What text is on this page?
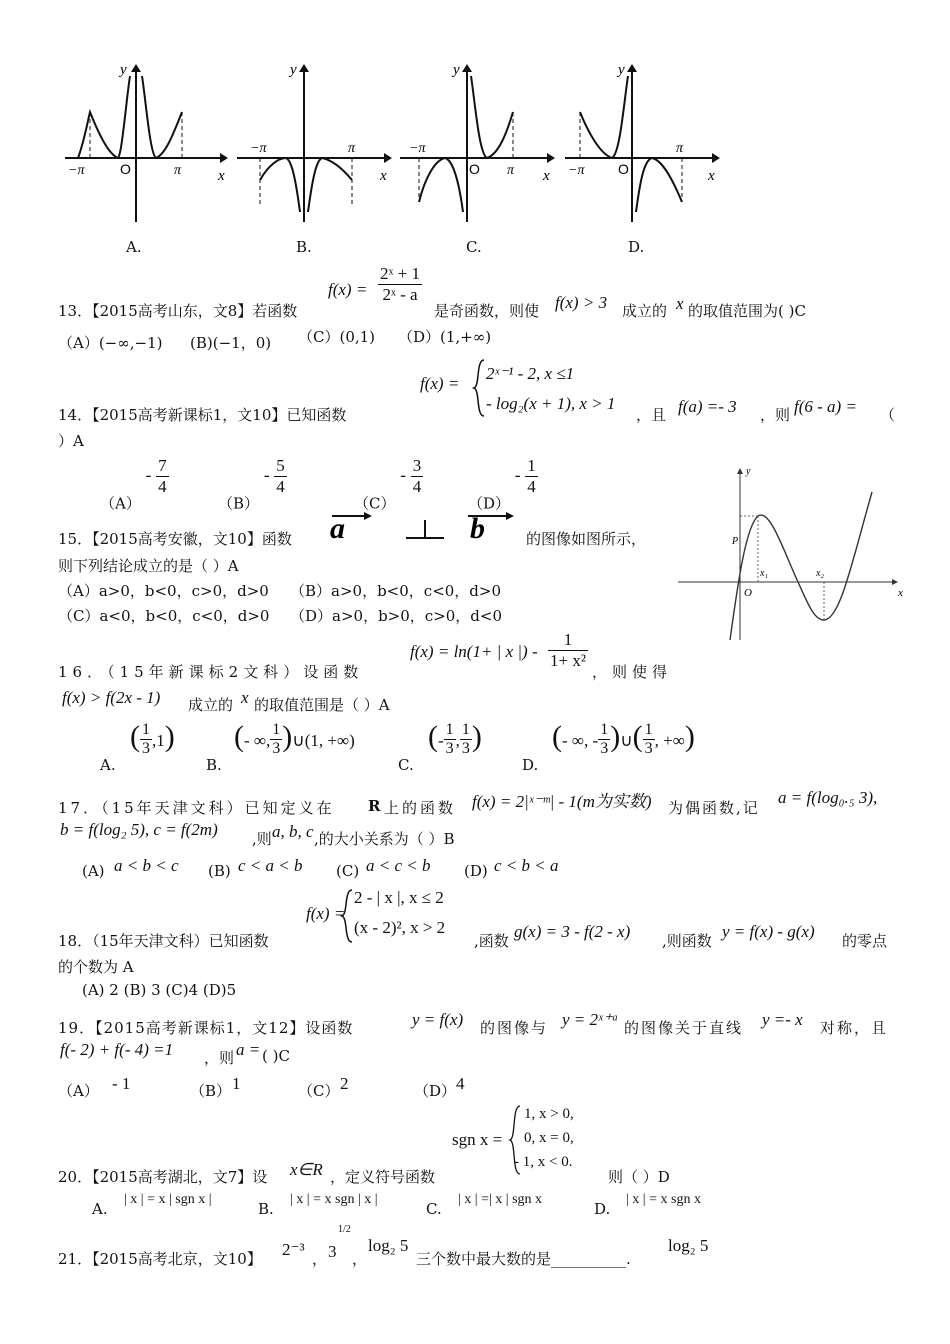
y
−π	O	π x
y
−π	π
x
y
−π
O π x
y
−π O
π
x
A.	B.	C.	D.
13．【2015高考山东，文8】若函数
$f(x) = \frac{\text{2ˣ + 1}}{\text{2ˣ - a}}$
是奇函数，则使 f(x) > 3 成立的 x 的取值范围为( )C
（A）(−∞,−1) (B)(−1，0) （C）(0,1) （D）(1,+∞)
f(x) =
2ˣ⁻¹ - 2, x ≤1
- log₂(x + 1), x > 1
14．【2015高考新课标1，文10】已知函数	，且 f(a) =- 3 ，则 f(6 - a) = （
）A
$(A) - \frac{7}{4}$
$(B) - \frac{5}{4}$
$(C) - \frac{3}{4}$
$(D) - \frac{1}{4}$
15．【2015高考安徽，文10】函数 a	b	的图像如图所示，
则下列结论成立的是（ ）A
（A）a>0，b<0，c>0，d>0 （B）a>0，b<0，c<0，d>0
（C）a<0，b<0，c<0，d>0 （D）a>0，b>0，c>0，d<0
y
x
O
P
x₁	x₂
f(x) = ln(1+ | x |) - $\frac{1}{\text{1+ x²}}$
16．（15年新课标2文科）设函数	，则使得
f(x) > f(2x - 1) 成立的 x 的取值范围是（ ）A
A.
( $\frac{1}{3} ,1$)
B.
(- ∞, $\frac{1}{3}$ )∪(1, +∞)
C.
(- $\frac{1}{3}$ , $\frac{1}{3}$ )
D.
(- ∞, - $\frac{1}{3}$ )∪( $\frac{1}{3}$ , +∞)
17．（15年天津文科）已知定义在 R 上的函数 f(x) = 2|ˣ⁻ᵐ| - 1(m为实数) 为偶函数,记
a = f(log₀.₅ 3),
b = f(log₂ 5), c = f(2m) ,则 a, b, c ,的大小关系为（ ）B
(A) a < b < c (B) c < a < b (C) a < c < b (D) c < b < a
f(x) =
2 - | x |, x ≤ 2
(x - 2)², x > 2
18．（15年天津文科）已知函数	,函数 g(x) = 3 - f(2 - x) ,则函数 y = f(x) - g(x) 的零点
的个数为 A
(A) 2 (B) 3 (C)4 (D)5
19．【2015高考新课标1，文12】设函数	y = f(x) 的图像与 y = 2ˣ⁺ᵃ 的图像关于直线 y =- x 对称，且
f(- 2) + f(- 4) =1 ，则 a = ( )C
（A） - 1	（B） 1	（C） 2	（D） 4
sgn x =
1, x > 0,
0, x = 0,
- 1, x < 0.
20．【2015高考湖北，文7】设 x∈R ，定义符号函数	则（ ）D
A.
| x | = x | sgn x |
B.
| x | = x sgn | x |
C.
| x | =| x | sgn x
D.
| x | = x sgn x
21．【2015高考北京，文10】 2⁻³ ， 3
1/2
，
log₂ 5
三个数中最大数的是__________.
log₂ 5
